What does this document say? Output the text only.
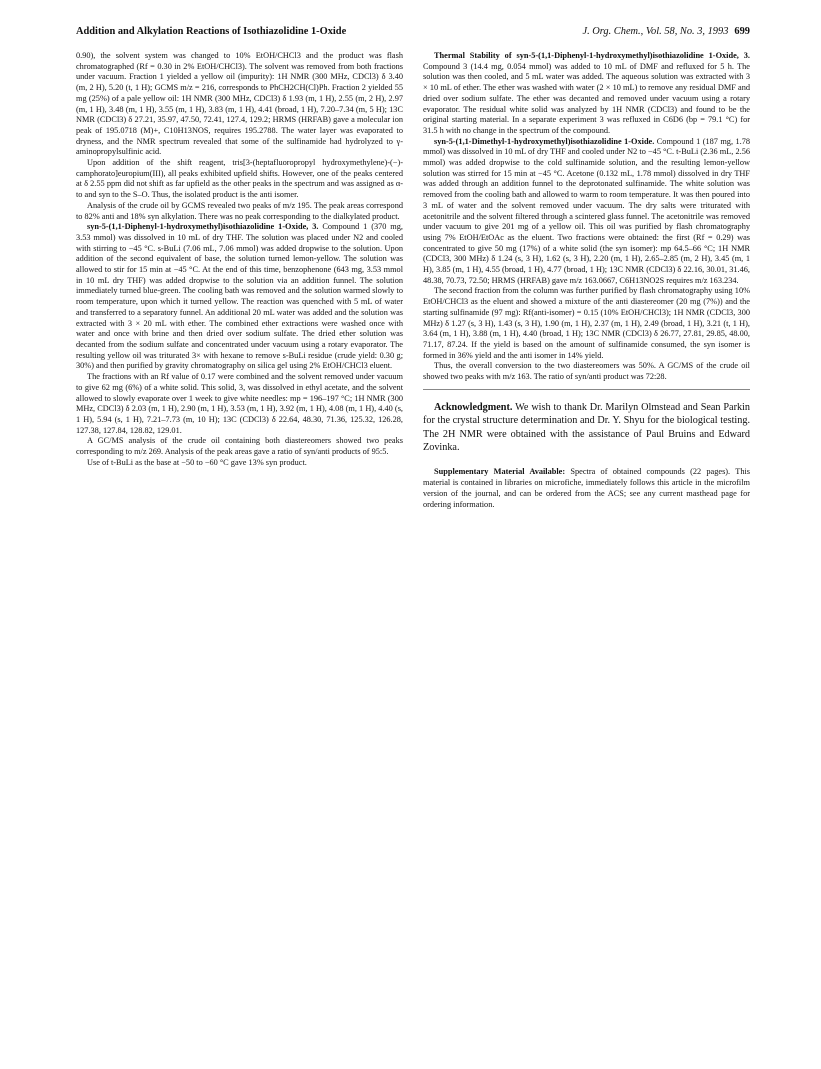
Addition and Alkylation Reactions of Isothiazolidine 1-Oxide	J. Org. Chem., Vol. 58, No. 3, 1993 699

0.90), the solvent system was changed to 10% EtOH/CHCl3 and the product was flash chromatographed (Rf = 0.30 in 2% EtOH/CHCl3). The solvent was removed from both fractions under vacuum. Fraction 1 yielded a yellow oil (impurity): 1H NMR (300 MHz, CDCl3) δ 3.40 (m, 2 H), 5.20 (t, 1 H); GCMS m/z = 216, corresponds to PhCH2CH(Cl)Ph. Fraction 2 yielded 55 mg (25%) of a pale yellow oil: 1H NMR (300 MHz, CDCl3) δ 1.93 (m, 1 H), 2.55 (m, 2 H), 2.97 (m, 1 H), 3.48 (m, 1 H), 3.55 (m, 1 H), 3.83 (m, 1 H), 4.41 (broad, 1 H), 7.20–7.34 (m, 5 H); 13C NMR (CDCl3) δ 27.21, 35.97, 47.50, 72.41, 127.4, 129.2; HRMS (HRFAB) gave a molecular ion peak of 195.0718 (M)+, C10H13NOS, requires 195.2788. The water layer was evaporated to dryness, and the NMR spectrum revealed that some of the sulfinamide had hydrolyzed to γ-aminopropylsulfinic acid.

Upon addition of the shift reagent, tris[3-(heptafluoropropyl hydroxymethylene)-(−)-camphorato]europium(III), all peaks exhibited upfield shifts. However, one of the peaks centered at δ 2.55 ppm did not shift as far upfield as the other peaks in the spectrum and was assigned as α- to and syn to the S–O. Thus, the isolated product is the anti isomer.

Analysis of the crude oil by GCMS revealed two peaks of m/z 195. The peak areas correspond to 82% anti and 18% syn alkylation. There was no peak corresponding to the dialkylated product.

syn-5-(1,1-Diphenyl-1-hydroxymethyl)isothiazolidine 1-Oxide, 3. Compound 1 (370 mg, 3.53 mmol) was dissolved in 10 mL of dry THF. The solution was placed under N2 and cooled with stirring to −45 °C. s-BuLi (7.06 mL, 7.06 mmol) was added dropwise to the solution. Upon addition of the second equivalent of base, the solution turned lemon-yellow. The solution was allowed to stir for 15 min at −45 °C. At the end of this time, benzophenone (643 mg, 3.53 mmol in 10 mL dry THF) was added dropwise to the solution via an addition funnel. The solution immediately turned blue-green. The cooling bath was removed and the solution warmed slowly to room temperature, upon which it turned yellow. The reaction was quenched with 5 mL of water and transferred to a separatory funnel. An additional 20 mL water was added and the solution was extracted with 3 × 20 mL with ether. The combined ether extractions were washed once with water and once with brine and then dried over sodium sulfate. The dried ether solution was decanted from the sodium sulfate and concentrated under vacuum using a rotary evaporator. The resulting yellow oil was triturated 3× with hexane to remove s-BuLi residue (crude yield: 0.30 g; 30%) and then purified by gravity chromatography on silica gel using 2% EtOH/CHCl3 eluent.

The fractions with an Rf value of 0.17 were combined and the solvent removed under vacuum to give 62 mg (6%) of a white solid. This solid, 3, was dissolved in ethyl acetate, and the solvent allowed to slowly evaporate over 1 week to give white needles: mp = 196–197 °C; 1H NMR (300 MHz, CDCl3) δ 2.03 (m, 1 H), 2.90 (m, 1 H), 3.53 (m, 1 H), 3.92 (m, 1 H), 4.08 (m, 1 H), 4.40 (s, 1 H), 5.94 (s, 1 H), 7.21–7.73 (m, 10 H); 13C (CDCl3) δ 22.64, 48.30, 71.36, 125.32, 126.28, 127.38, 127.84, 128.82, 129.01.

A GC/MS analysis of the crude oil containing both diastereomers showed two peaks corresponding to m/z 269. Analysis of the peak areas gave a ratio of syn/anti products of 95:5.

Use of t-BuLi as the base at −50 to −60 °C gave 13% syn product.

Thermal Stability of syn-5-(1,1-Diphenyl-1-hydroxymethyl)isothiazolidine 1-Oxide, 3. Compound 3 (14.4 mg, 0.054 mmol) was added to 10 mL of DMF and refluxed for 5 h. The solution was then cooled, and 5 mL water was added. The aqueous solution was extracted with 3 × 10 mL of ether. The ether was washed with water (2 × 10 mL) to remove any residual DMF and dried over sodium sulfate. The ether was decanted and removed under vacuum using a rotary evaporator. The residual white solid was analyzed by 1H NMR (CDCl3) and found to be the original starting material. In a separate experiment 3 was refluxed in C6D6 (bp = 79.1 °C) for 31.5 h with no change in the spectrum of the compound.

syn-5-(1,1-Dimethyl-1-hydroxymethyl)isothiazolidine 1-Oxide. Compound 1 (187 mg, 1.78 mmol) was dissolved in 10 mL of dry THF and cooled under N2 to −45 °C. t-BuLi (2.36 mL, 2.56 mmol) was added dropwise to the cold sulfinamide solution, and the resulting lemon-yellow solution was stirred for 15 min at −45 °C. Acetone (0.132 mL, 1.78 mmol) dissolved in dry THF was added through an addition funnel to the deprotonated sulfinamide. The white solution was removed from the cooling bath and allowed to warm to room temperature. It was then poured into 3 mL of water and the solvent removed under vacuum. The dry salts were triturated with acetonitrile and the solvent filtered through a scintered glass funnel. The acetonitrile was removed under vacuum to give 201 mg of a yellow oil. This oil was purified by flash chromatography using 7% EtOH/EtOAc as the eluent. Two fractions were obtained: the first (Rf = 0.29) was concentrated to give 50 mg (17%) of a white solid (the syn isomer): mp 64.5–66 °C; 1H NMR (CDCl3, 300 MHz) δ 1.24 (s, 3 H), 1.62 (s, 3 H), 2.20 (m, 1 H), 2.65–2.85 (m, 2 H), 3.45 (m, 1 H), 3.85 (m, 1 H), 4.55 (broad, 1 H), 4.77 (broad, 1 H); 13C NMR (CDCl3) δ 22.16, 30.01, 31.46, 48.38, 70.73, 72.50; HRMS (HRFAB) gave m/z 163.0667, C6H13NO2S requires m/z 163.234.

The second fraction from the column was further purified by flash chromatography using 10% EtOH/CHCl3 as the eluent and showed a mixture of the anti diastereomer (20 mg (7%)) and the starting sulfinamide (97 mg): Rf(anti-isomer) = 0.15 (10% EtOH/CHCl3); 1H NMR (CDCl3, 300 MHz) δ 1.27 (s, 3 H), 1.43 (s, 3 H), 1.90 (m, 1 H), 2.37 (m, 1 H), 2.49 (broad, 1 H), 3.21 (t, 1 H), 3.64 (m, 1 H), 3.88 (m, 1 H), 4.40 (broad, 1 H); 13C NMR (CDCl3) δ 26.77, 27.81, 29.85, 48.00, 71.17, 87.24. If the yield is based on the amount of sulfinamide consumed, the syn isomer is formed in 36% yield and the anti isomer in 14% yield.

Thus, the overall conversion to the two diastereomers was 50%. A GC/MS of the crude oil showed two peaks with m/z 163. The ratio of syn/anti product was 72:28.

Acknowledgment. We wish to thank Dr. Marilyn Olmstead and Sean Parkin for the crystal structure determination and Dr. Y. Shyu for the biological testing. The 2H NMR were obtained with the assistance of Paul Bruins and Edward Zovinka.

Supplementary Material Available: Spectra of obtained compounds (22 pages). This material is contained in libraries on microfiche, immediately follows this article in the microfilm version of the journal, and can be ordered from the ACS; see any current masthead page for ordering information.
